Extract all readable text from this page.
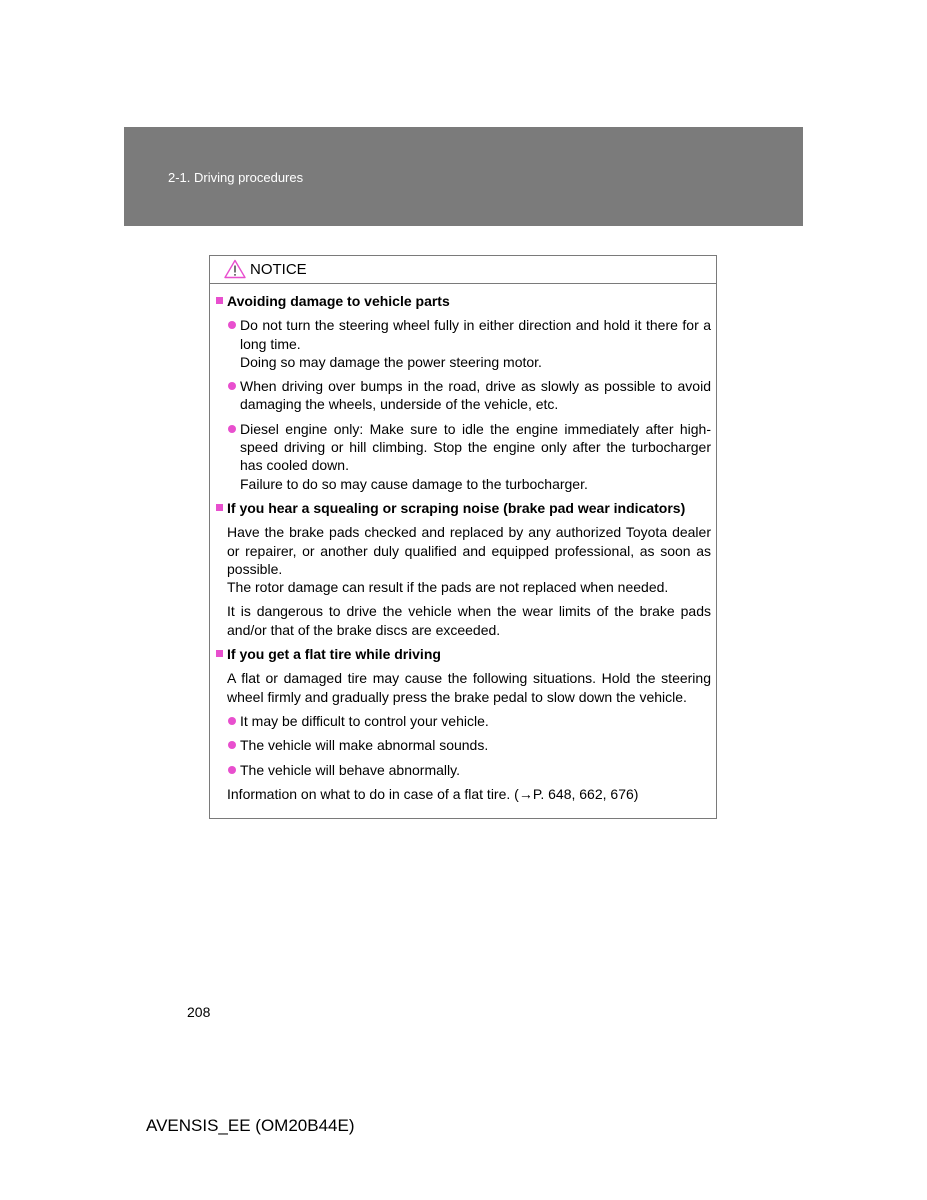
2-1. Driving procedures
NOTICE
Avoiding damage to vehicle parts
Do not turn the steering wheel fully in either direction and hold it there for a long time.
Doing so may damage the power steering motor.
When driving over bumps in the road, drive as slowly as possible to avoid damaging the wheels, underside of the vehicle, etc.
Diesel engine only: Make sure to idle the engine immediately after high-speed driving or hill climbing. Stop the engine only after the turbocharger has cooled down.
Failure to do so may cause damage to the turbocharger.
If you hear a squealing or scraping noise (brake pad wear indicators)
Have the brake pads checked and replaced by any authorized Toyota dealer or repairer, or another duly qualified and equipped professional, as soon as possible.
The rotor damage can result if the pads are not replaced when needed.
It is dangerous to drive the vehicle when the wear limits of the brake pads and/or that of the brake discs are exceeded.
If you get a flat tire while driving
A flat or damaged tire may cause the following situations. Hold the steering wheel firmly and gradually press the brake pedal to slow down the vehicle.
It may be difficult to control your vehicle.
The vehicle will make abnormal sounds.
The vehicle will behave abnormally.
Information on what to do in case of a flat tire. (→P. 648, 662, 676)
208
AVENSIS_EE (OM20B44E)
